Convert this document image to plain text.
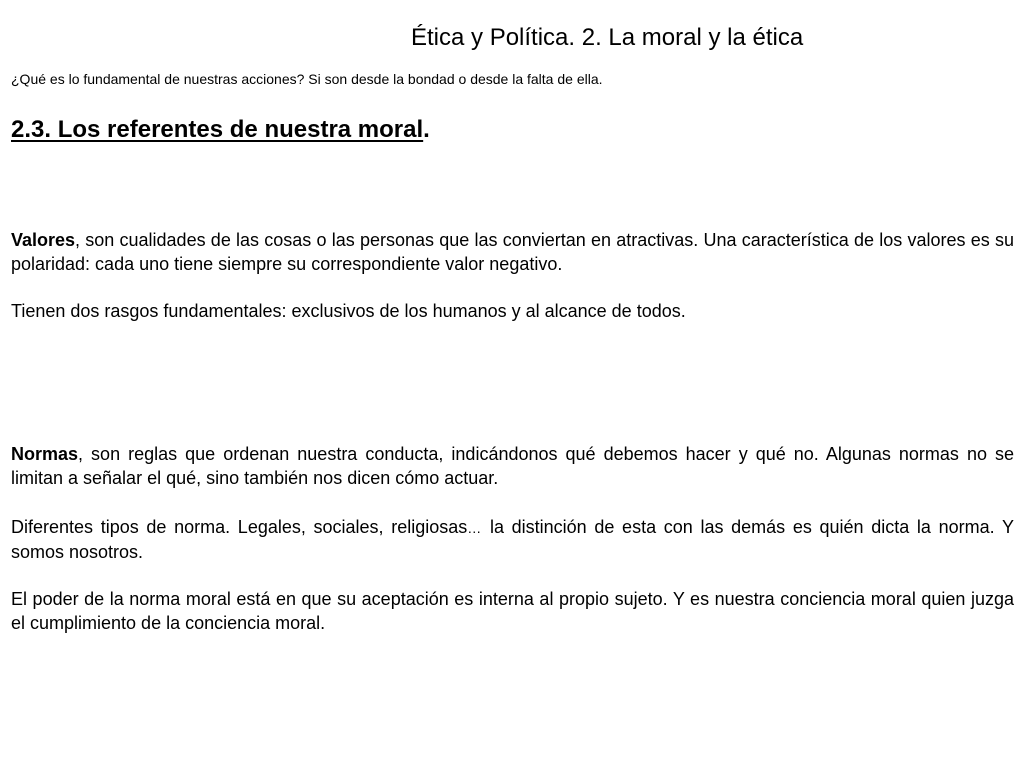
Ética y Política. 2. La moral y la ética
¿Qué es lo fundamental de nuestras acciones? Si son desde la bondad o desde la falta de ella.
2.3. Los referentes de nuestra moral.

Valores, son cualidades de las cosas o las personas que las conviertan en atractivas. Una característica de los valores es su polaridad: cada uno tiene siempre su correspondiente valor negativo.

Tienen dos rasgos fundamentales: exclusivos de los humanos y al alcance de todos.

Normas, son reglas que ordenan nuestra conducta, indicándonos qué debemos hacer y qué no. Algunas normas no se limitan a señalar el qué, sino también nos dicen cómo actuar.

Diferentes tipos de norma. Legales, sociales, religiosas… la distinción de esta con las demás es quién dicta la norma. Y somos nosotros.

El poder de la norma moral está en que su aceptación es interna al propio sujeto. Y es nuestra conciencia moral quien juzga el cumplimiento de la conciencia moral.
